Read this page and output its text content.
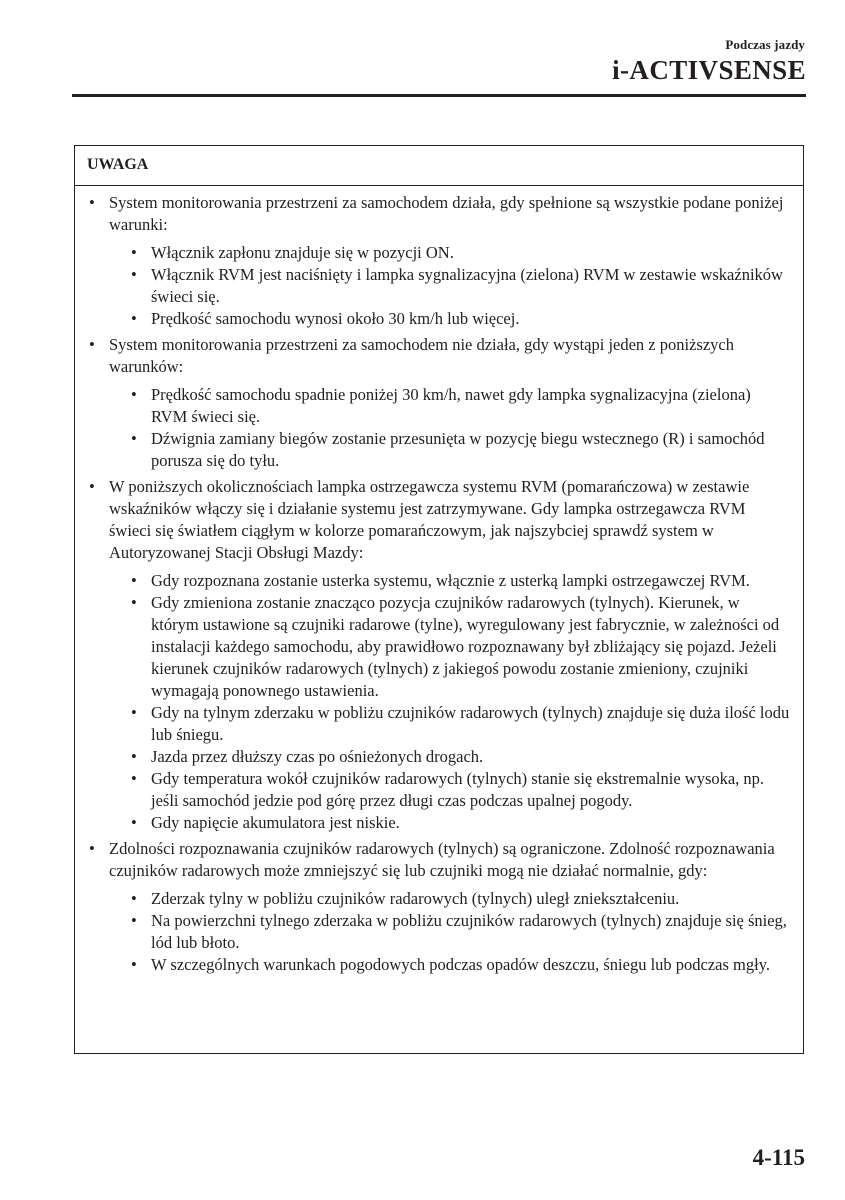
Podczas jazdy
i-ACTIVSENSE
UWAGA
• System monitorowania przestrzeni za samochodem działa, gdy spełnione są wszystkie podane poniżej warunki:
• Włącznik zapłonu znajduje się w pozycji ON.
• Włącznik RVM jest naciśnięty i lampka sygnalizacyjna (zielona) RVM w zestawie wskaźników świeci się.
• Prędkość samochodu wynosi około 30 km/h lub więcej.
• System monitorowania przestrzeni za samochodem nie działa, gdy wystąpi jeden z poniższych warunków:
• Prędkość samochodu spadnie poniżej 30 km/h, nawet gdy lampka sygnalizacyjna (zielona) RVM świeci się.
• Dźwignia zamiany biegów zostanie przesunięta w pozycję biegu wstecznego (R) i samochód porusza się do tyłu.
• W poniższych okolicznościach lampka ostrzegawcza systemu RVM (pomarańczowa) w zestawie wskaźników włączy się i działanie systemu jest zatrzymywane. Gdy lampka ostrzegawcza RVM świeci się światłem ciągłym w kolorze pomarańczowym, jak najszybciej sprawdź system w Autoryzowanej Stacji Obsługi Mazdy:
• Gdy rozpoznana zostanie usterka systemu, włącznie z usterką lampki ostrzegawczej RVM.
• Gdy zmieniona zostanie znacząco pozycja czujników radarowych (tylnych). Kierunek, w którym ustawione są czujniki radarowe (tylne), wyregulowany jest fabrycznie, w zależności od instalacji każdego samochodu, aby prawidłowo rozpoznawany był zbliżający się pojazd. Jeżeli kierunek czujników radarowych (tylnych) z jakiegoś powodu zostanie zmieniony, czujniki wymagają ponownego ustawienia.
• Gdy na tylnym zderzaku w pobliżu czujników radarowych (tylnych) znajduje się duża ilość lodu lub śniegu.
• Jazda przez dłuższy czas po ośnieżonych drogach.
• Gdy temperatura wokół czujników radarowych (tylnych) stanie się ekstremalnie wysoka, np. jeśli samochód jedzie pod górę przez długi czas podczas upalnej pogody.
• Gdy napięcie akumulatora jest niskie.
• Zdolności rozpoznawania czujników radarowych (tylnych) są ograniczone. Zdolność rozpoznawania czujników radarowych może zmniejszyć się lub czujniki mogą nie działać normalnie, gdy:
• Zderzak tylny w pobliżu czujników radarowych (tylnych) uległ zniekształceniu.
• Na powierzchni tylnego zderzaka w pobliżu czujników radarowych (tylnych) znajduje się śnieg, lód lub błoto.
• W szczególnych warunkach pogodowych podczas opadów deszczu, śniegu lub podczas mgły.
4-115
